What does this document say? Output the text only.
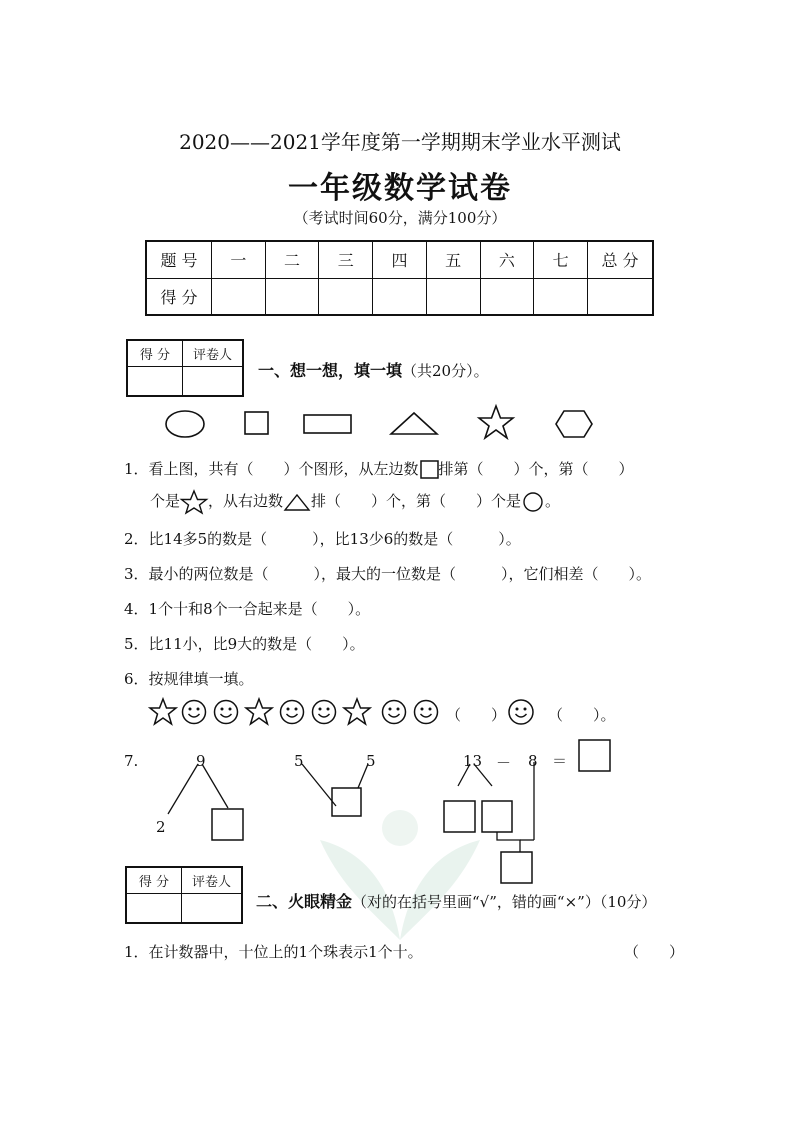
2020——2021学年度第一学期期末学业水平测试
一年级数学试卷
（考试时间60分，满分100分）
题 号	一	二	三	四	五	六	七	总 分
得 分								
得 分	评卷人

一、想一想，填一填（共20分）。
1．看上图，共有（　　）个图形，从左边数 排第（　　）个，第（　　）
个是 ，从右边数 排（　　）个，第（　　）个是 。
2．比14多5的数是（　　　），比13少6的数是（　　　）。
3．最小的两位数是（　　　），最大的一位数是（　　　），它们相差（　　）。
4．1个十和8个一合起来是（　　）。
5．比11小，比9大的数是（　　）。
6．按规律填一填。
（　　）	（　　）。
7.	9
2
5	5	13 － 8 ＝
得 分	评卷人

二、火眼精金（对的在括号里画“√”，错的画“×”）（10分）
1．在计数器中，十位上的1个珠表示1个十。	（　　）
